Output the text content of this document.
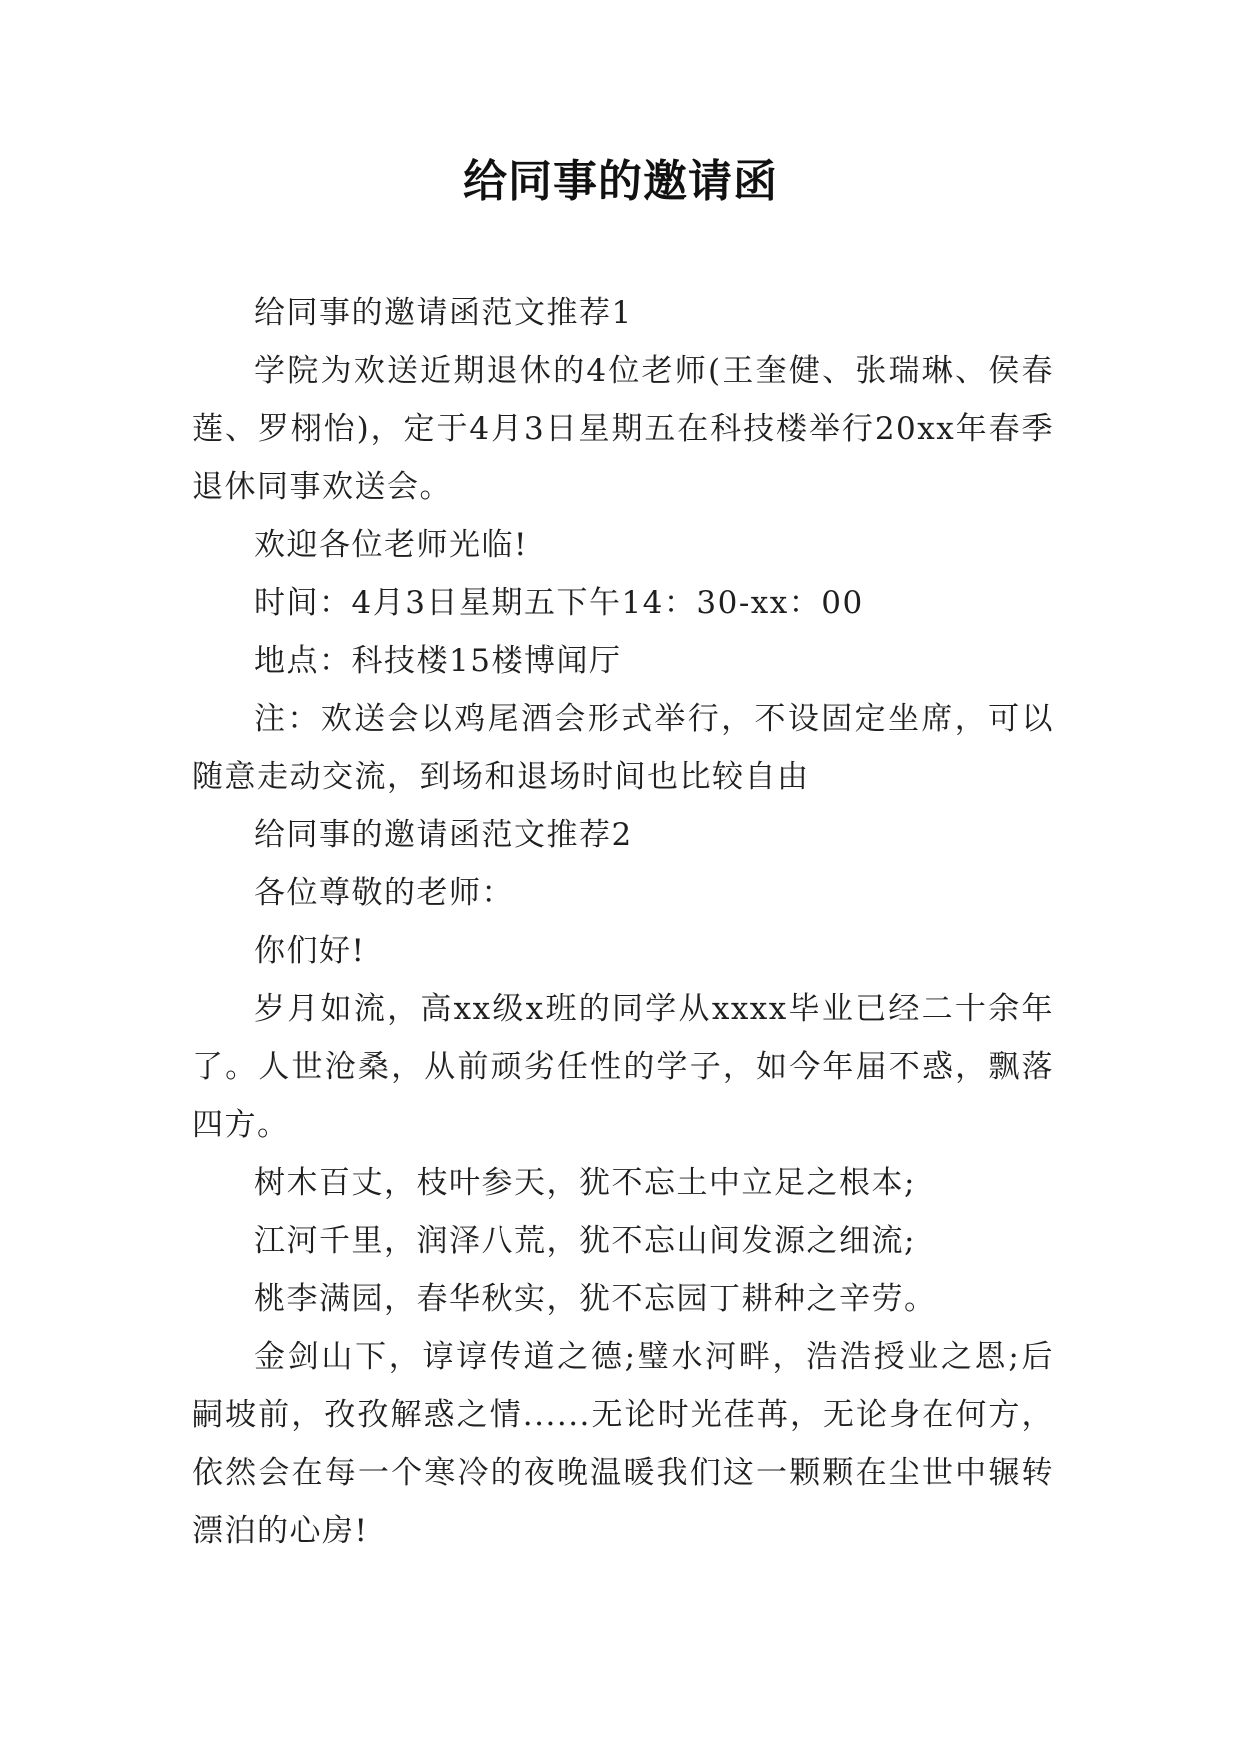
给同事的邀请函

给同事的邀请函范文推荐1

学院为欢送近期退休的4位老师(王奎健、张瑞琳、侯春莲、罗栩怡)，定于4月3日星期五在科技楼举行20xx年春季退休同事欢送会。

欢迎各位老师光临!

时间：4月3日星期五下午14：30-xx：00

地点：科技楼15楼博闻厅

注：欢送会以鸡尾酒会形式举行，不设固定坐席，可以随意走动交流，到场和退场时间也比较自由

给同事的邀请函范文推荐2

各位尊敬的老师：

你们好!

岁月如流，高xx级x班的同学从xxxx毕业已经二十余年了。人世沧桑，从前顽劣任性的学子，如今年届不惑，飘落四方。

树木百丈，枝叶参天，犹不忘土中立足之根本;

江河千里，润泽八荒，犹不忘山间发源之细流;

桃李满园，春华秋实，犹不忘园丁耕种之辛劳。

金剑山下，谆谆传道之德;璧水河畔，浩浩授业之恩;后嗣坡前，孜孜解惑之情......无论时光荏苒，无论身在何方，依然会在每一个寒冷的夜晚温暖我们这一颗颗在尘世中辗转漂泊的心房!
